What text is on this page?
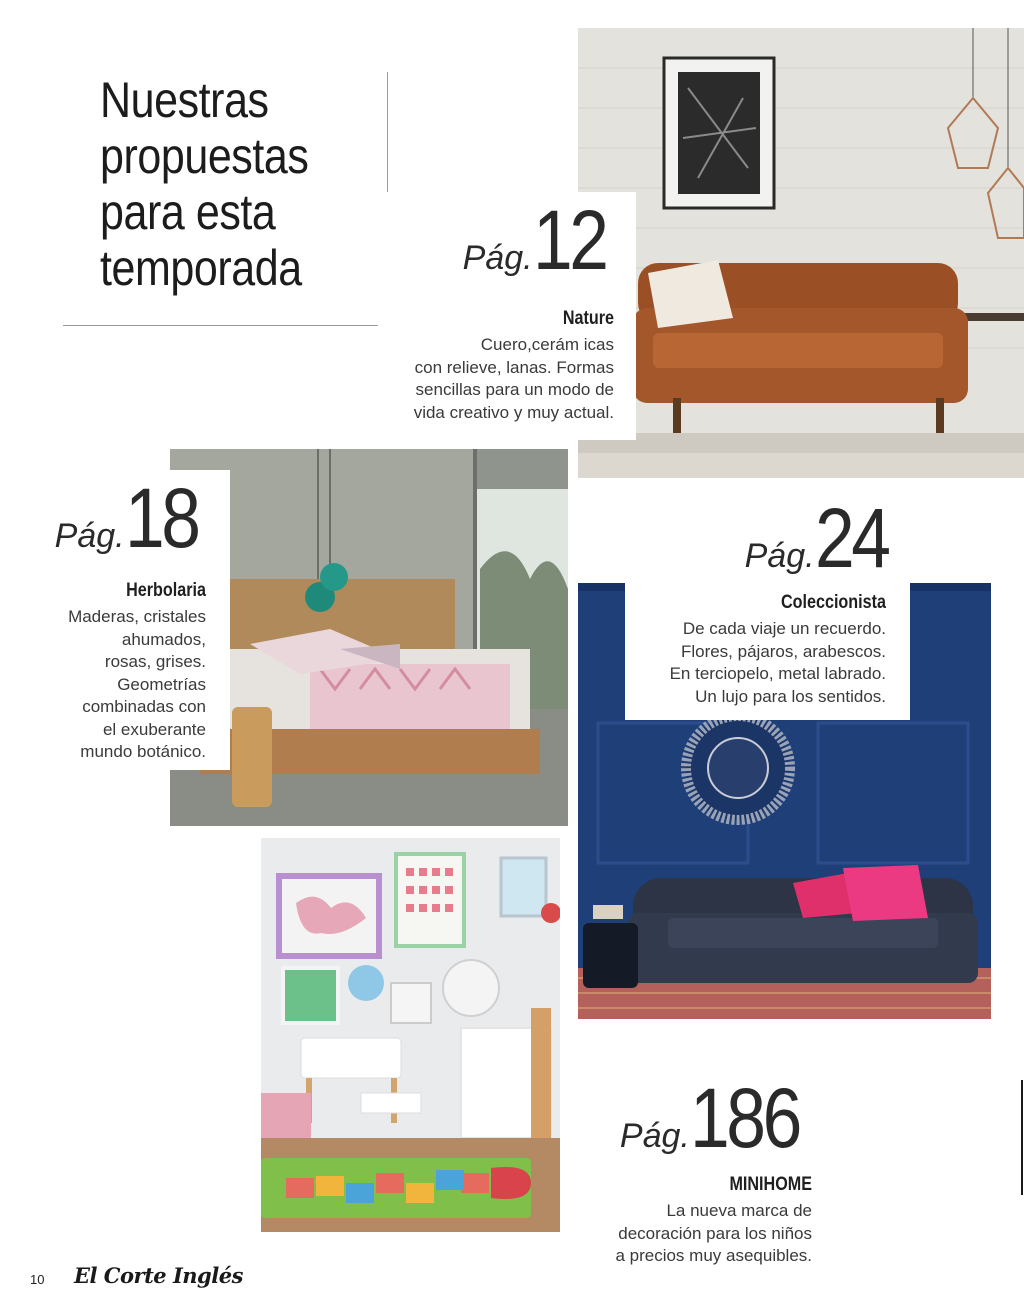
Nuestras
propuestas
para esta
temporada	Pág.12
Nature
Cuero,cerám icas
con relieve, lanas. Formas
sencillas para un modo de
vida creativo y muy actual.
Pág.18
Herbolaria
Maderas, cristales
ahumados,
rosas, grises.
Geometrías
combinadas con
el exuberante
mundo botánico.
Pág.24
Coleccionista
De cada viaje un recuerdo.
Flores, pájaros, arabescos.
En terciopelo, metal labrado.
Un lujo para los sentidos.
Pág.186
MINIHOME
La nueva marca de
decoración para los niños
a precios muy asequibles.
10 El Corte Inglés
